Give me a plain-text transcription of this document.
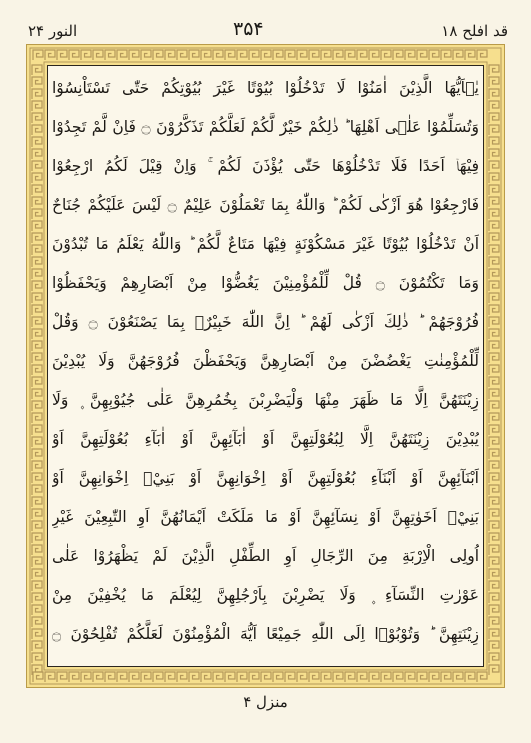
النور ۲۴	۳۵۴	قد افلح ۱۸
يٰۤاَيُّهَا الَّذِيْنَ اٰمَنُوْا لَا تَدْخُلُوْا بُيُوْتًا غَيْرَ بُيُوْتِكُمْ حَتّٰى تَسْتَاْنِسُوْا
وَتُسَلِّمُوْا عَلٰۤى اَهْلِهَا ؕ ذٰلِكُمْ خَيْرٌ لَّكُمْ لَعَلَّكُمْ تَذَكَّرُوْنَ ۝ فَاِنْ لَّمْ تَجِدُوْا
فِيْهَاۤ اَحَدًا فَلَا تَدْخُلُوْهَا حَتّٰى يُؤْذَنَ لَكُمْ ۚ وَاِنْ قِيْلَ لَكُمُ ارْجِعُوْا
فَارْجِعُوْا هُوَ اَزْكٰى لَكُمْ ؕ وَاللّٰهُ بِمَا تَعْمَلُوْنَ عَلِيْمٌ ۝ لَيْسَ عَلَيْكُمْ جُنَاحٌ
اَنْ تَدْخُلُوْا بُيُوْتًا غَيْرَ مَسْكُوْنَةٍ فِيْهَا مَتَاعٌ لَّكُمْ ؕ وَاللّٰهُ يَعْلَمُ مَا تُبْدُوْنَ
وَمَا تَكْتُمُوْنَ ۝ قُلْ لِّلْمُؤْمِنِيْنَ يَغُضُّوْا مِنْ اَبْصَارِهِمْ وَيَحْفَظُوْا
فُرُوْجَهُمْ ؕ ذٰلِكَ اَزْكٰى لَهُمْ ؕ اِنَّ اللّٰهَ خَبِيْرٌۢ بِمَا يَصْنَعُوْنَ ۝ وَقُلْ
لِّلْمُؤْمِنٰتِ يَغْضُضْنَ مِنْ اَبْصَارِهِنَّ وَيَحْفَظْنَ فُرُوْجَهُنَّ وَلَا يُبْدِيْنَ
زِيْنَتَهُنَّ اِلَّا مَا ظَهَرَ مِنْهَا وَلْيَضْرِبْنَ بِخُمُرِهِنَّ عَلٰى جُيُوْبِهِنَّ ۪ وَلَا
يُبْدِيْنَ زِيْنَتَهُنَّ اِلَّا لِبُعُوْلَتِهِنَّ اَوْ اٰبَآئِهِنَّ اَوْ اٰبَآءِ بُعُوْلَتِهِنَّ اَوْ
اَبْنَآئِهِنَّ اَوْ اَبْنَآءِ بُعُوْلَتِهِنَّ اَوْ اِخْوَانِهِنَّ اَوْ بَنِيْۤ اِخْوَانِهِنَّ اَوْ
بَنِيْۤ اَخَوٰتِهِنَّ اَوْ نِسَآئِهِنَّ اَوْ مَا مَلَكَتْ اَيْمَانُهُنَّ اَوِ التّٰبِعِيْنَ غَيْرِ
اُولِى الْاِرْبَةِ مِنَ الرِّجَالِ اَوِ الطِّفْلِ الَّذِيْنَ لَمْ يَظْهَرُوْا عَلٰى
عَوْرٰتِ النِّسَآءِ ۪ وَلَا يَضْرِبْنَ بِاَرْجُلِهِنَّ لِيُعْلَمَ مَا يُخْفِيْنَ مِنْ
زِيْنَتِهِنَّ ؕ وَتُوْبُوْۤا اِلَى اللّٰهِ جَمِيْعًا اَيُّهَ الْمُؤْمِنُوْنَ لَعَلَّكُمْ تُفْلِحُوْنَ ۝
منزل ۴
